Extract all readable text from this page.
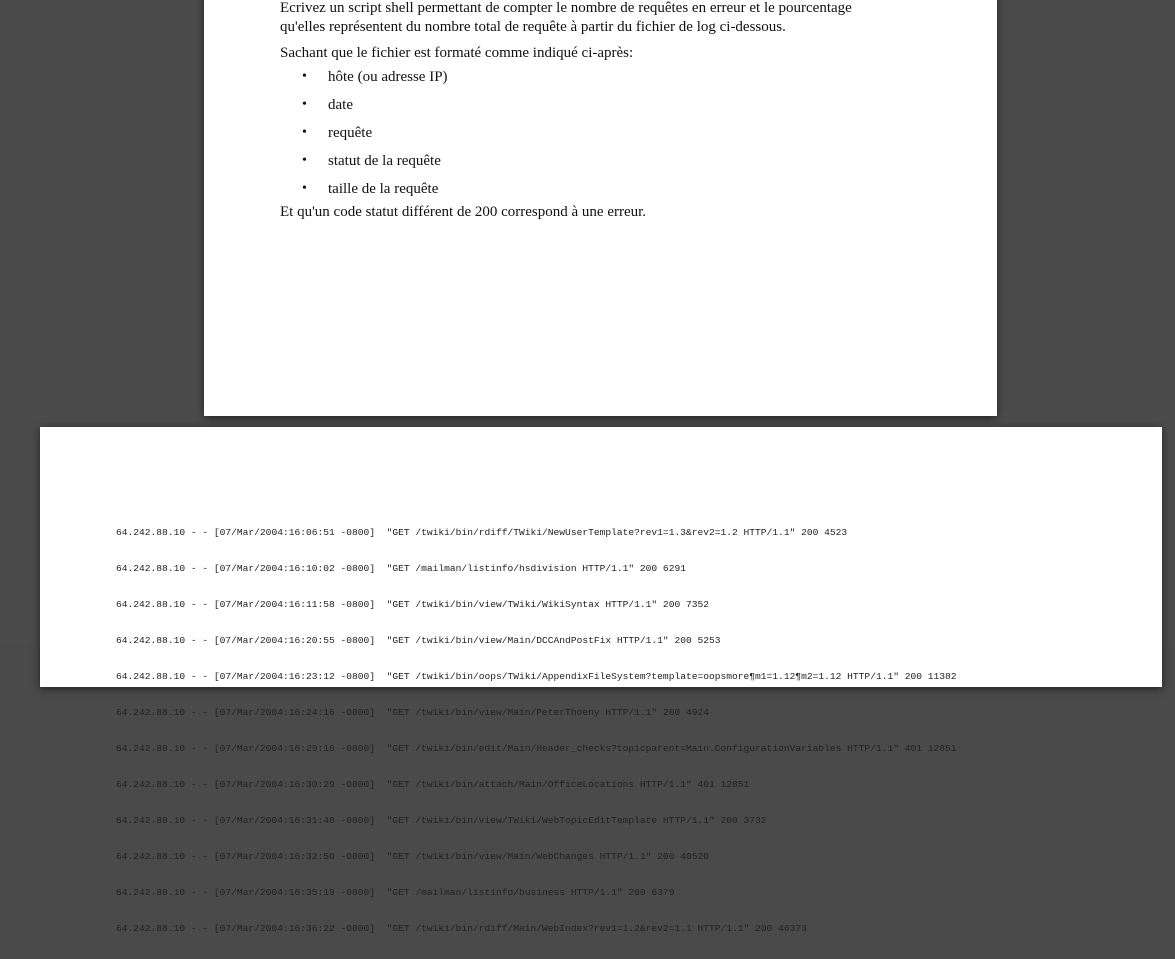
Ecrivez un script shell permettant de compter le nombre de requêtes en erreur et le pourcentage

qu'elles représentent du nombre total de requête à partir du fichier de log ci-dessous.

Sachant que le fichier est formaté comme indiqué ci-après:

• hôte (ou adresse IP)
• date
• requête
• statut de la requête
• taille de la requête

Et qu'un code statut différent de 200 correspond à une erreur.

64.242.88.10 - - [07/Mar/2004:16:06:51 -0800]  "GET /twiki/bin/rdiff/TWiki/NewUserTemplate?rev1=1.3&rev2=1.2 HTTP/1.1" 200 4523

64.242.88.10 - - [07/Mar/2004:16:10:02 -0800]  "GET /mailman/listinfo/hsdivision HTTP/1.1" 200 6291

64.242.88.10 - - [07/Mar/2004:16:11:58 -0800]  "GET /twiki/bin/view/TWiki/WikiSyntax HTTP/1.1" 200 7352

64.242.88.10 - - [07/Mar/2004:16:20:55 -0800]  "GET /twiki/bin/view/Main/DCCAndPostFix HTTP/1.1" 200 5253

64.242.88.10 - - [07/Mar/2004:16:23:12 -0800]  "GET /twiki/bin/oops/TWiki/AppendixFileSystem?template=oopsmore¶m1=1.12¶m2=1.12 HTTP/1.1" 200 11382

64.242.88.10 - - [07/Mar/2004:16:24:16 -0800]  "GET /twiki/bin/view/Main/PeterThoeny HTTP/1.1" 200 4924

64.242.88.10 - - [07/Mar/2004:16:29:16 -0800]  "GET /twiki/bin/edit/Main/Header_checks?topicparent=Main.ConfigurationVariables HTTP/1.1" 401 12851

64.242.88.10 - - [07/Mar/2004:16:30:29 -0800]  "GET /twiki/bin/attach/Main/OfficeLocations HTTP/1.1" 401 12851

64.242.88.10 - - [07/Mar/2004:16:31:48 -0800]  "GET /twiki/bin/view/TWiki/WebTopicEditTemplate HTTP/1.1" 200 3732

64.242.88.10 - - [07/Mar/2004:16:32:50 -0800]  "GET /twiki/bin/view/Main/WebChanges HTTP/1.1" 200 40520

64.242.88.10 - - [07/Mar/2004:16:35:19 -0800]  "GET /mailman/listinfo/business HTTP/1.1" 200 6379

64.242.88.10 - - [07/Mar/2004:16:36:22 -0800]  "GET /twiki/bin/rdiff/Main/WebIndex?rev1=1.2&rev2=1.1 HTTP/1.1" 200 46373
